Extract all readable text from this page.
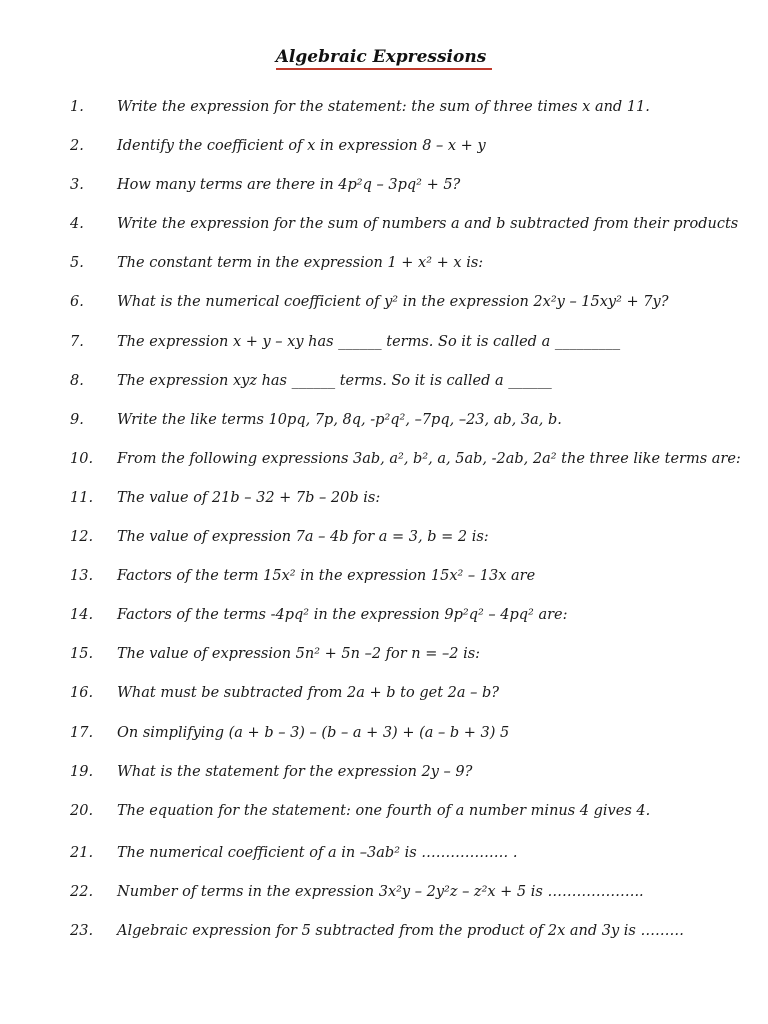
Algebraic Expressions
1. Write the expression for the statement: the sum of three times x and 11.
2. Identify the coefficient of x in expression 8 – x + y
3. How many terms are there in 4p²q – 3pq² + 5?
4. Write the expression for the sum of numbers a and b subtracted from their products
5. The constant term in the expression 1 + x² + x is:
6. What is the numerical coefficient of y² in the expression 2x²y – 15xy² + 7y?
7. The expression x + y – xy has ______ terms. So it is called a _________
8. The expression xyz has ______ terms. So it is called a ______
9. Write the like terms 10pq, 7p, 8q, -p²q², –7pq, –23, ab, 3a, b.
10. From the following expressions 3ab, a², b², a, 5ab, -2ab, 2a² the three like terms are:
11. The value of 21b – 32 + 7b – 20b is:
12. The value of expression 7a – 4b for a = 3, b = 2 is:
13. Factors of the term 15x² in the expression 15x² – 13x are
14. Factors of the terms -4pq² in the expression 9p²q² – 4pq² are:
15. The value of expression 5n² + 5n –2 for n = –2 is:
16. What must be subtracted from 2a + b to get 2a – b?
17. On simplifying (a + b – 3) – (b – a + 3) + (a – b + 3) 5
19. What is the statement for the expression 2y – 9?
20. The equation for the statement: one fourth of a number minus 4 gives 4.
21. The numerical coefficient of a in –3ab² is ……………… .
22. Number of terms in the expression 3x²y – 2y²z – z²x + 5 is ………………..
23. Algebraic expression for 5 subtracted from the product of 2x and 3y is ………
